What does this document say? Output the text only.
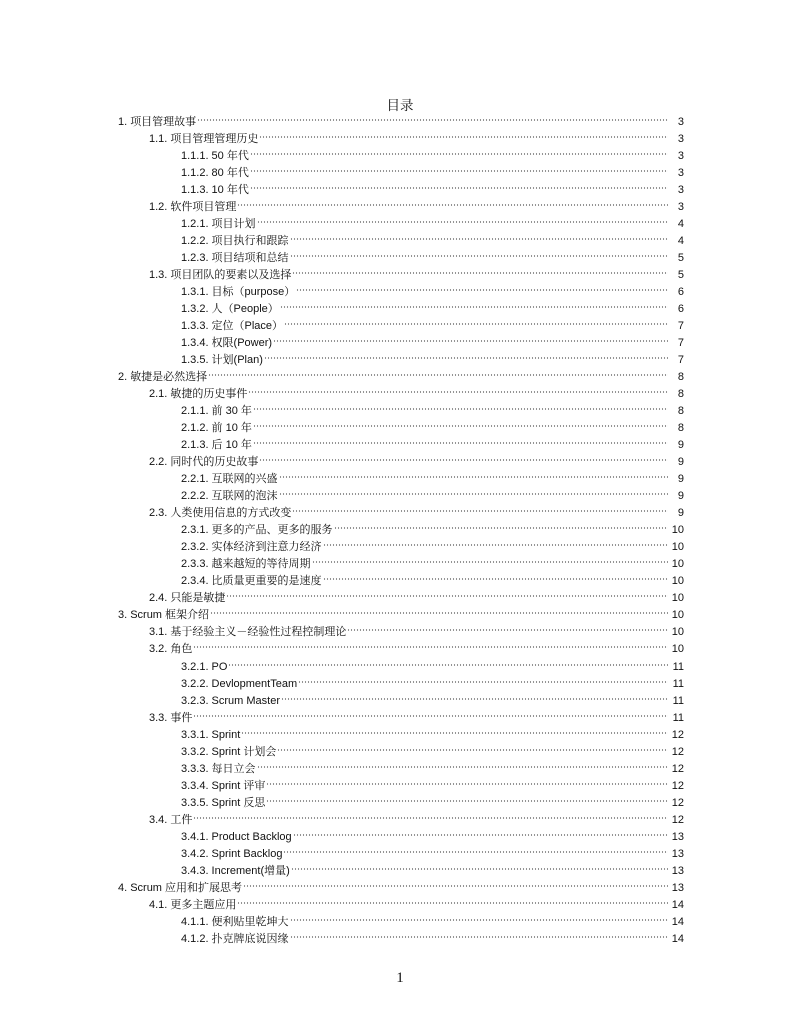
目录
1. 项目管理故事	3
1.1. 项目管理管理历史	3
1.1.1. 50 年代	3
1.1.2. 80 年代	3
1.1.3. 10 年代	3
1.2. 软件项目管理	3
1.2.1. 项目计划	4
1.2.2. 项目执行和跟踪	4
1.2.3. 项目结项和总结	5
1.3. 项目团队的要素以及选择	5
1.3.1. 目标（purpose）	6
1.3.2. 人（People）	6
1.3.3. 定位（Place）	7
1.3.4. 权限(Power)	7
1.3.5. 计划(Plan)	7
2. 敏捷是必然选择	8
2.1. 敏捷的历史事件	8
2.1.1. 前 30 年	8
2.1.2. 前 10 年	8
2.1.3. 后 10 年	9
2.2. 同时代的历史故事	9
2.2.1. 互联网的兴盛	9
2.2.2. 互联网的泡沫	9
2.3. 人类使用信息的方式改变	9
2.3.1. 更多的产品、更多的服务	10
2.3.2. 实体经济到注意力经济	10
2.3.3. 越来越短的等待周期	10
2.3.4. 比质量更重要的是速度	10
2.4. 只能是敏捷	10
3. Scrum 框架介绍	10
3.1. 基于经验主义－经验性过程控制理论	10
3.2. 角色	10
3.2.1. PO	11
3.2.2. DevlopmentTeam	11
3.2.3. Scrum Master	11
3.3. 事件	11
3.3.1. Sprint	12
3.3.2. Sprint 计划会	12
3.3.3. 每日立会	12
3.3.4. Sprint 评审	12
3.3.5. Sprint 反思	12
3.4. 工件	12
3.4.1. Product Backlog	13
3.4.2. Sprint Backlog	13
3.4.3. Increment(增量)	13
4. Scrum 应用和扩展思考	13
4.1. 更多主题应用	14
4.1.1. 便利贴里乾坤大	14
4.1.2. 扑克牌底说因缘	14
1
